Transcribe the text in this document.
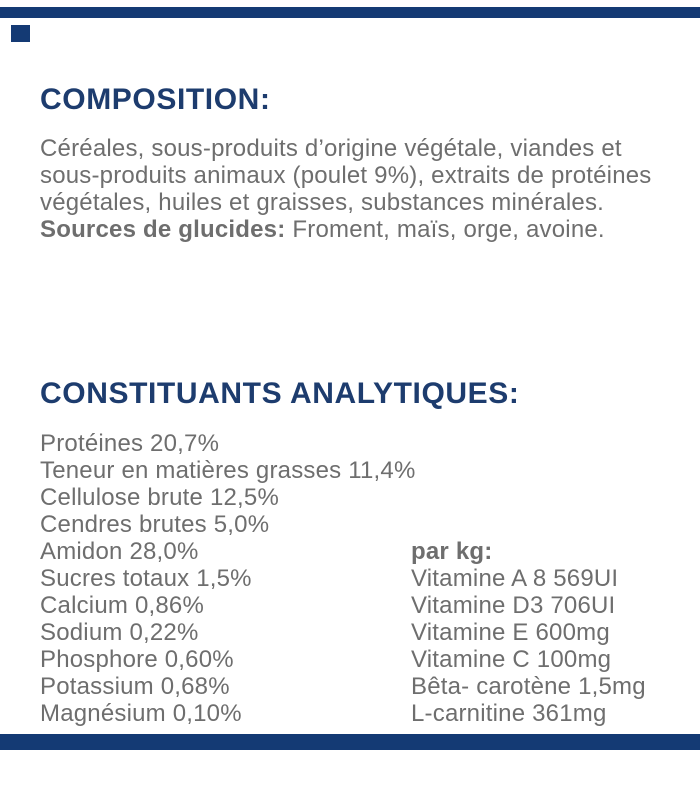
COMPOSITION:
Céréales, sous-produits d’origine végétale, viandes et
sous-produits animaux (poulet 9%), extraits de protéines
végétales, huiles et graisses, substances minérales.
Sources de glucides: Froment, maïs, orge, avoine.
CONSTITUANTS ANALYTIQUES:
Protéines 20,7%
Teneur en matières grasses 11,4%
Cellulose brute 12,5%
Cendres brutes 5,0%
Amidon 28,0%
Sucres totaux 1,5%
Calcium 0,86%
Sodium 0,22%
Phosphore 0,60%
Potassium 0,68%
Magnésium 0,10%
par kg:
Vitamine A 8 569UI
Vitamine D3 706UI
Vitamine E 600mg
Vitamine C 100mg
Bêta- carotène 1,5mg
L-carnitine 361mg
